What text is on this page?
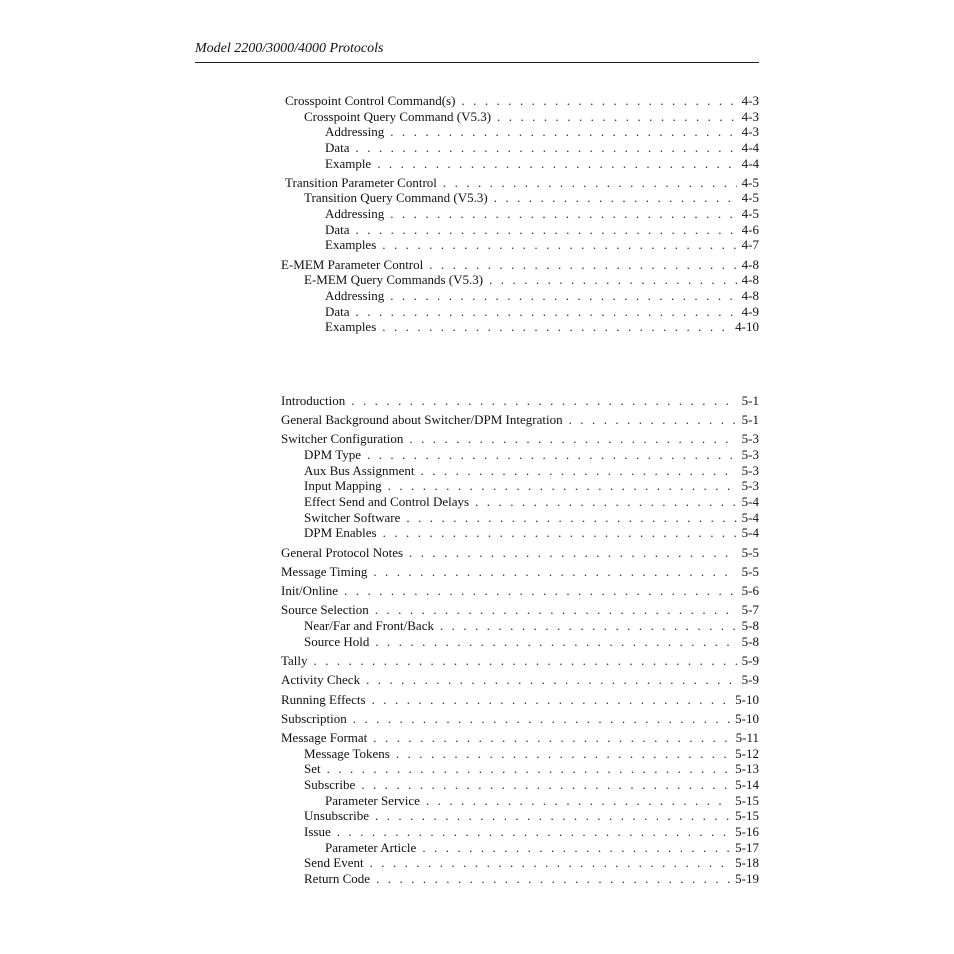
Model 2200/3000/4000 Protocols
Crosspoint Control Command(s) . . .	4-3
Crosspoint Query Command (V5.3) . . .	4-3
Addressing . . .	4-3
Data . . .	4-4
Example . . .	4-4
Transition Parameter Control . . .	4-5
Transition Query Command (V5.3) . . .	4-5
Addressing . . .	4-5
Data . . .	4-6
Examples . . .	4-7
E-MEM Parameter Control . . .	4-8
E-MEM Query Commands (V5.3) . . .	4-8
Addressing . . .	4-8
Data . . .	4-9
Examples . . .	4-10
Introduction . . .	5-1
General Background about Switcher/DPM Integration . . .	5-1
Switcher Configuration . . .	5-3
DPM Type . . .	5-3
Aux Bus Assignment . . .	5-3
Input Mapping . . .	5-3
Effect Send and Control Delays . . .	5-4
Switcher Software . . .	5-4
DPM Enables . . .	5-4
General Protocol Notes . . .	5-5
Message Timing . . .	5-5
Init/Online . . .	5-6
Source Selection . . .	5-7
Near/Far and Front/Back . . .	5-8
Source Hold . . .	5-8
Tally . . .	5-9
Activity Check . . .	5-9
Running Effects . . .	5-10
Subscription . . .	5-10
Message Format . . .	5-11
Message Tokens . . .	5-12
Set . . .	5-13
Subscribe . . .	5-14
Parameter Service . . .	5-15
Unsubscribe . . .	5-15
Issue . . .	5-16
Parameter Article . . .	5-17
Send Event . . .	5-18
Return Code . . .	5-19
